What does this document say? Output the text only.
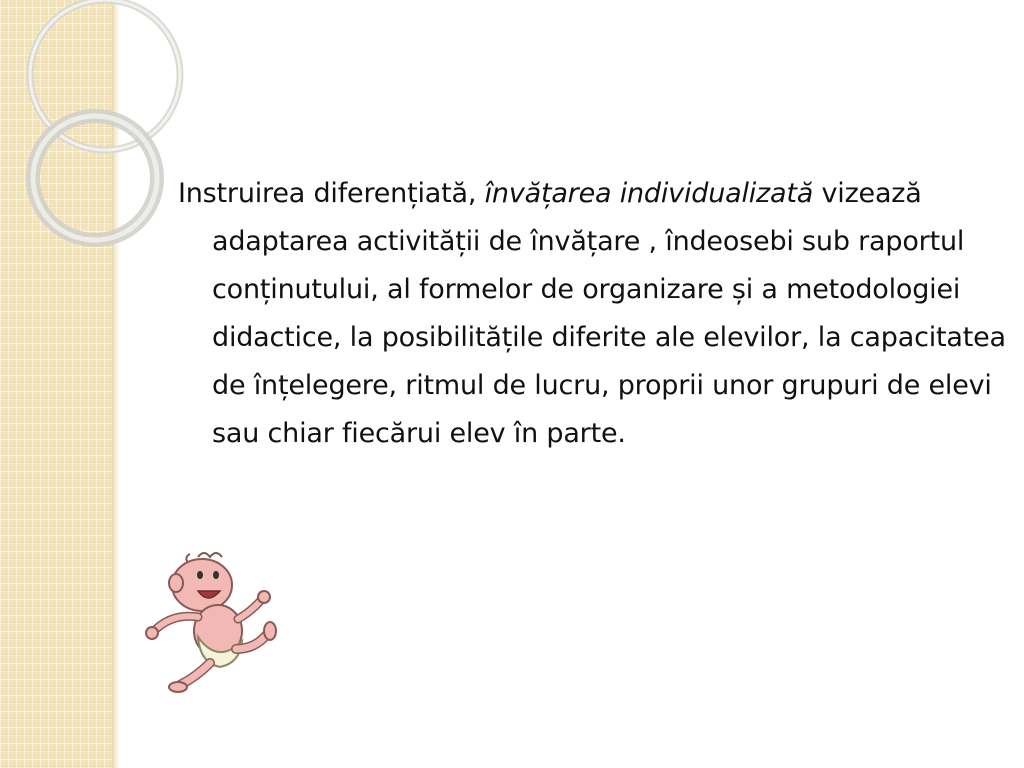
Instruirea diferențiată, învățarea individualizată vizează adaptarea activității de învățare , îndeosebi sub raportul conținutului, al formelor de organizare și a metodologiei didactice, la posibilitățile diferite ale elevilor, la capacitatea de înțelegere, ritmul de lucru, proprii unor grupuri de elevi sau chiar fiecărui elev în parte.
